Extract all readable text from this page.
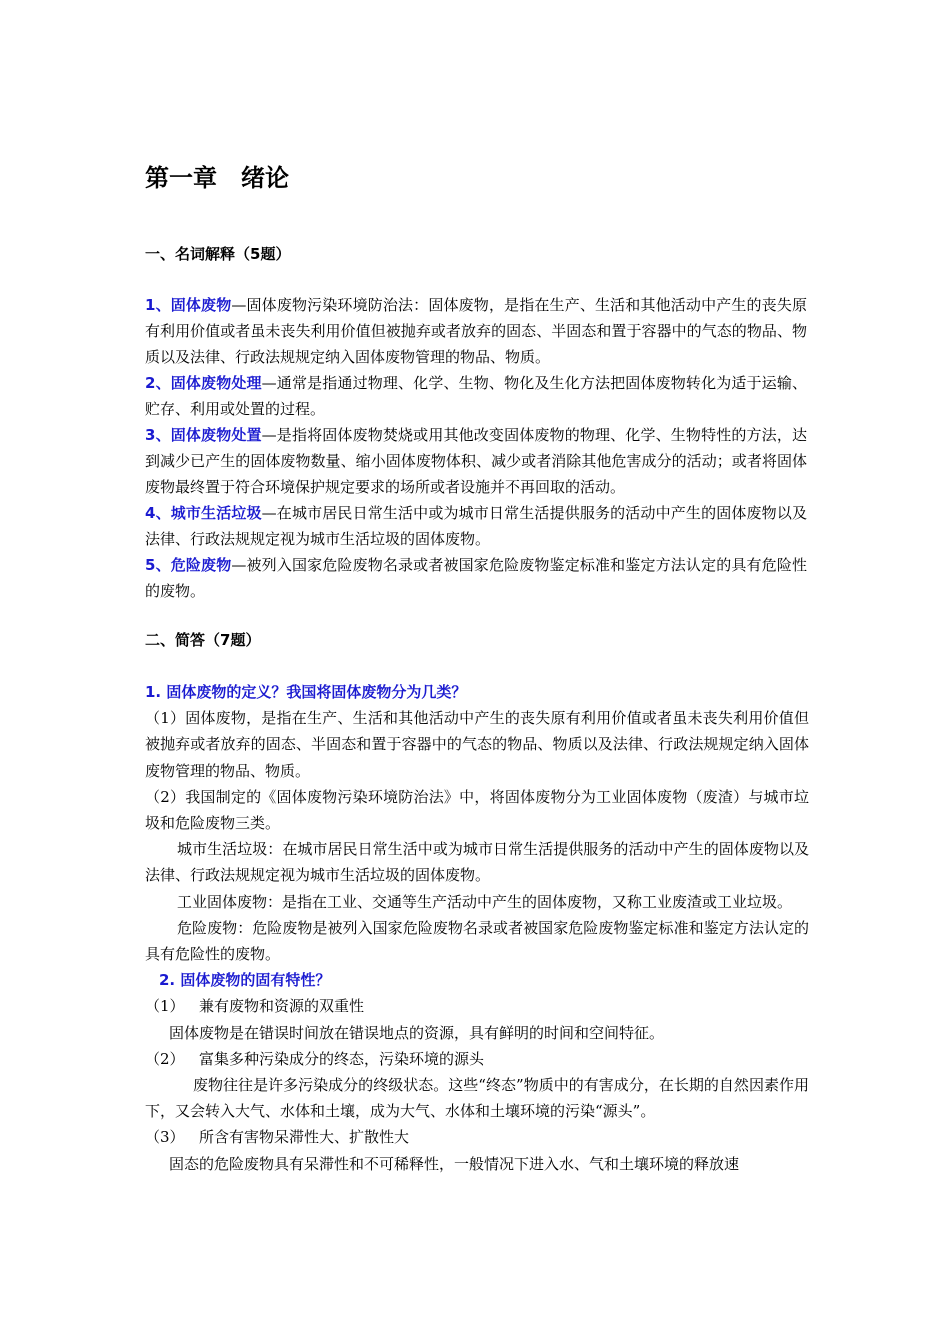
第一章 绪论
一、名词解释（5题）

1、固体废物—固体废物污染环境防治法：固体废物，是指在生产、生活和其他活动中产生的丧失原有利用价值或者虽未丧失利用价值但被抛弃或者放弃的固态、半固态和置于容器中的气态的物品、物质以及法律、行政法规规定纳入固体废物管理的物品、物质。

2、固体废物处理—通常是指通过物理、化学、生物、物化及生化方法把固体废物转化为适于运输、贮存、利用或处置的过程。

3、固体废物处置—是指将固体废物焚烧或用其他改变固体废物的物理、化学、生物特性的方法，达到减少已产生的固体废物数量、缩小固体废物体积、减少或者消除其他危害成分的活动；或者将固体废物最终置于符合环境保护规定要求的场所或者设施并不再回取的活动。

4、城市生活垃圾—在城市居民日常生活中或为城市日常生活提供服务的活动中产生的固体废物以及法律、行政法规规定视为城市生活垃圾的固体废物。

5、危险废物—被列入国家危险废物名录或者被国家危险废物鉴定标准和鉴定方法认定的具有危险性的废物。

二、简答（7题）

1. 固体废物的定义？我国将固体废物分为几类？

（1）固体废物，是指在生产、生活和其他活动中产生的丧失原有利用价值或者虽未丧失利用价值但被抛弃或者放弃的固态、半固态和置于容器中的气态的物品、物质以及法律、行政法规规定纳入固体废物管理的物品、物质。

（2）我国制定的《固体废物污染环境防治法》中，将固体废物分为工业固体废物（废渣）与城市垃圾和危险废物三类。

城市生活垃圾：在城市居民日常生活中或为城市日常生活提供服务的活动中产生的固体废物以及法律、行政法规规定视为城市生活垃圾的固体废物。

工业固体废物：是指在工业、交通等生产活动中产生的固体废物，又称工业废渣或工业垃圾。

危险废物：危险废物是被列入国家危险废物名录或者被国家危险废物鉴定标准和鉴定方法认定的具有危险性的废物。

2. 固体废物的固有特性？

（1） 兼有废物和资源的双重性

固体废物是在错误时间放在错误地点的资源，具有鲜明的时间和空间特征。

（2） 富集多种污染成分的终态，污染环境的源头

废物往往是许多污染成分的终级状态。这些“终态”物质中的有害成分，在长期的自然因素作用下，又会转入大气、水体和土壤，成为大气、水体和土壤环境的污染“源头”。

（3） 所含有害物呆滞性大、扩散性大

固态的危险废物具有呆滞性和不可稀释性，一般情况下进入水、气和土壤环境的释放速
